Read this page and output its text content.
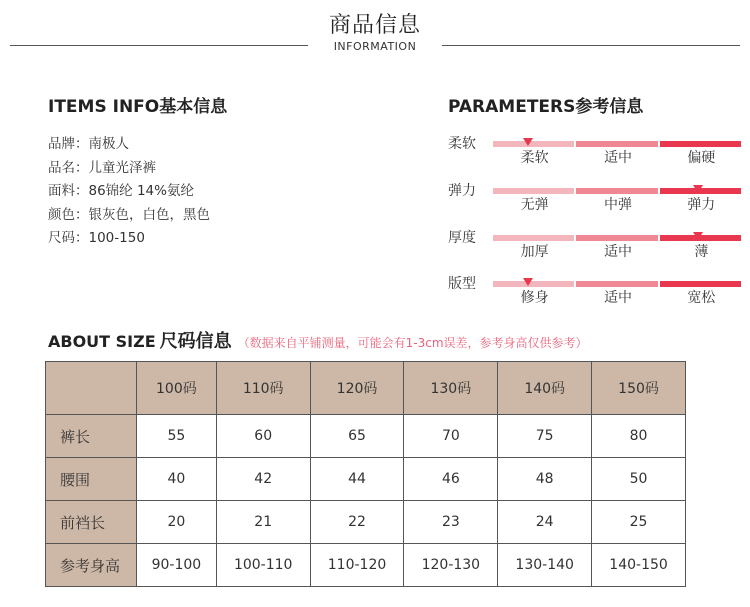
商品信息
INFORMATION
ITEMS INFO基本信息
品牌：南极人
品名：儿童光泽裤
面料：86锦纶 14%氨纶
颜色：银灰色，白色，黑色
尺码：100-150
PARAMETERS参考信息
柔软
柔软	适中	偏硬
弹力
无弹	中弹	弹力
厚度
加厚	适中	薄
版型
修身	适中	宽松
ABOUT SIZE 尺码信息 （数据来自平铺测量，可能会有1-3cm误差，参考身高仅供参考）
	100码	110码	120码	130码	140码	150码
裤长	55	60	65	70	75	80
腰围	40	42	44	46	48	50
前裆长	20	21	22	23	24	25
参考身高	90-100	100-110	110-120	120-130	130-140	140-150
